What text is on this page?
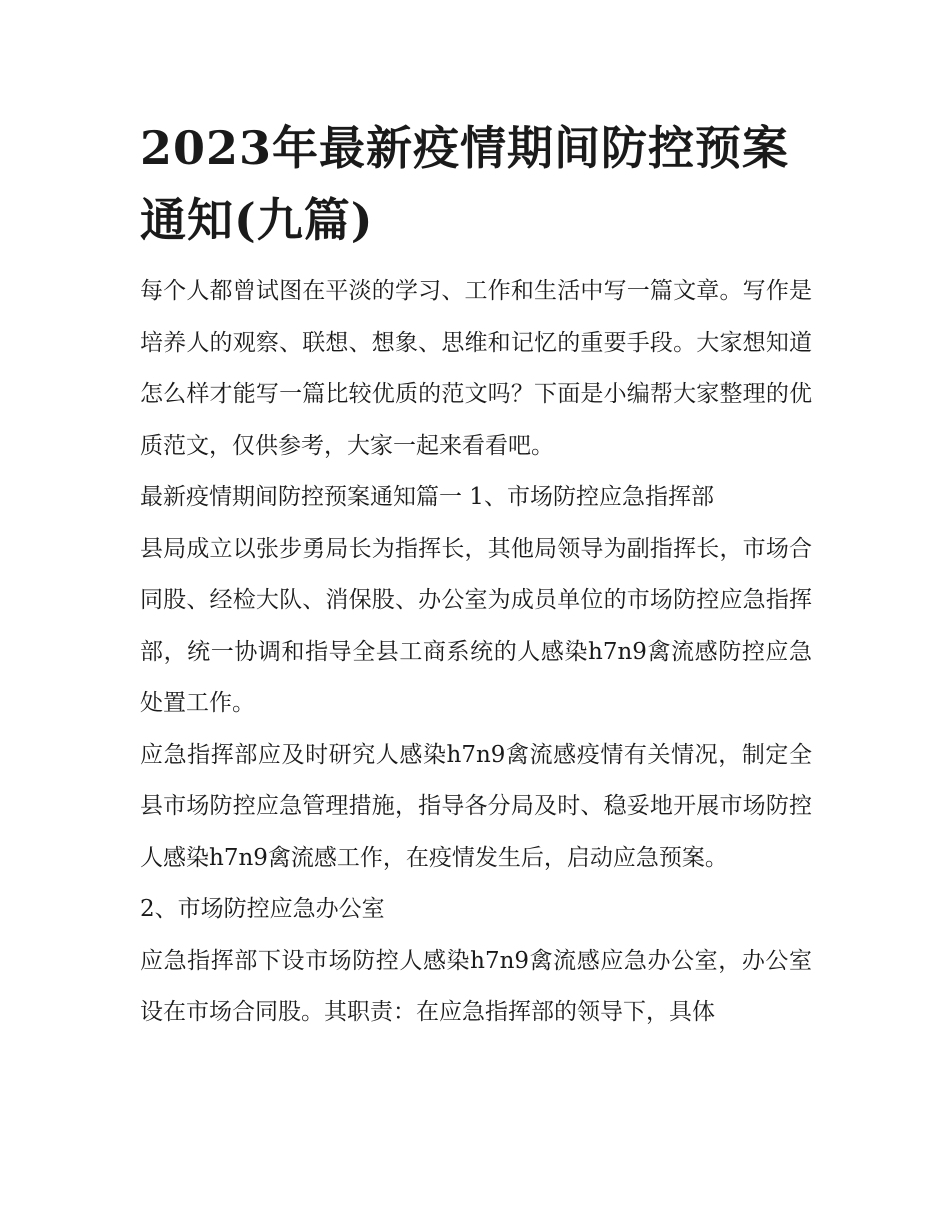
2023年最新疫情期间防控预案通知(九篇)

每个人都曾试图在平淡的学习、工作和生活中写一篇文章。写作是培养人的观察、联想、想象、思维和记忆的重要手段。大家想知道怎么样才能写一篇比较优质的范文吗？下面是小编帮大家整理的优质范文，仅供参考，大家一起来看看吧。

最新疫情期间防控预案通知篇一 1、市场防控应急指挥部

县局成立以张步勇局长为指挥长，其他局领导为副指挥长，市场合同股、经检大队、消保股、办公室为成员单位的市场防控应急指挥部，统一协调和指导全县工商系统的人感染h7n9禽流感防控应急处置工作。

应急指挥部应及时研究人感染h7n9禽流感疫情有关情况，制定全县市场防控应急管理措施，指导各分局及时、稳妥地开展市场防控人感染h7n9禽流感工作，在疫情发生后，启动应急预案。

2、市场防控应急办公室

应急指挥部下设市场防控人感染h7n9禽流感应急办公室，办公室设在市场合同股。其职责：在应急指挥部的领导下，具体
